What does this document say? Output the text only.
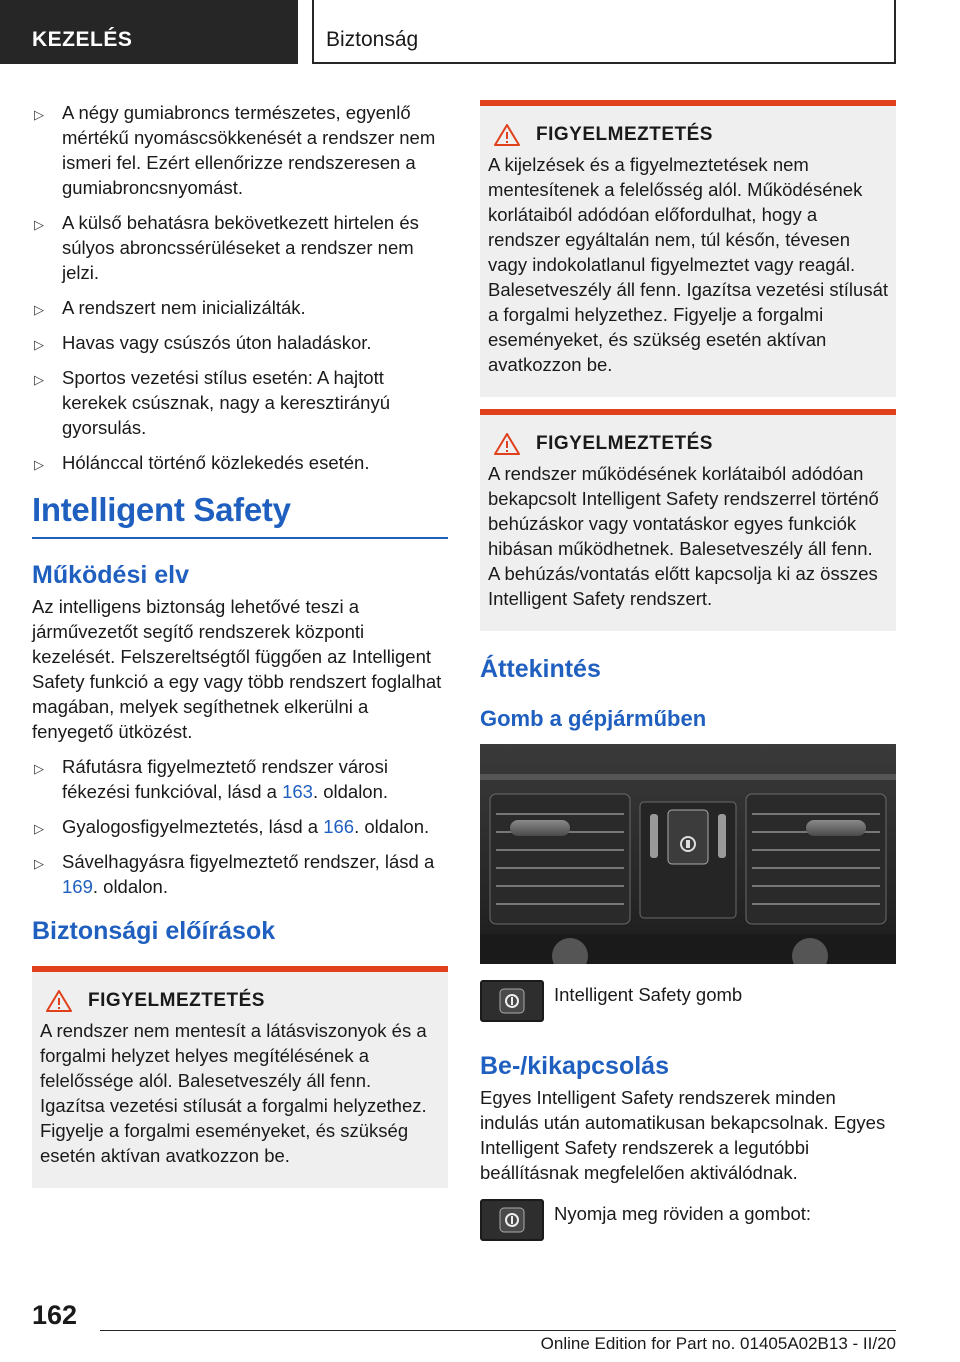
KEZELÉS	Biztonság
▷ A négy gumiabroncs természetes, egyenlő mértékű nyomáscsökkenését a rendszer nem ismeri fel. Ezért ellenőrizze rendszeresen a gumiabroncsnyomást.
▷ A külső behatásra bekövetkezett hirtelen és súlyos abroncssérüléseket a rendszer nem jelzi.
▷ A rendszert nem inicializálták.
▷ Havas vagy csúszós úton haladáskor.
▷ Sportos vezetési stílus esetén: A hajtott kerekek csúsznak, nagy a keresztirányú gyorsulás.
▷ Hólánccal történő közlekedés esetén.
Intelligent Safety
Működési elv
Az intelligens biztonság lehetővé teszi a járművezetőt segítő rendszerek központi kezelését. Felszereltségtől függően az Intelligent Safety funkció a egy vagy több rendszert foglalhat magában, melyek segíthetnek elkerülni a fenyegető ütközést.
▷ Ráfutásra figyelmeztető rendszer városi fékezési funkcióval, lásd a 163. oldalon.
▷ Gyalogosfigyelmeztetés, lásd a 166. oldalon.
▷ Sávelhagyásra figyelmeztető rendszer, lásd a 169. oldalon.
Biztonsági előírások
FIGYELMEZTETÉS
A rendszer nem mentesít a látásviszonyok és a forgalmi helyzet helyes megítélésének a felelőssége alól. Balesetveszély áll fenn. Igazítsa vezetési stílusát a forgalmi helyzethez. Figyelje a forgalmi eseményeket, és szükség esetén aktívan avatkozzon be.
FIGYELMEZTETÉS
A kijelzések és a figyelmeztetések nem mentesítenek a felelősség alól. Működésének korlátaiból adódóan előfordulhat, hogy a rendszer egyáltalán nem, túl későn, tévesen vagy indokolatlanul figyelmeztet vagy reagál. Balesetveszély áll fenn. Igazítsa vezetési stílusát a forgalmi helyzethez. Figyelje a forgalmi eseményeket, és szükség esetén aktívan avatkozzon be.
FIGYELMEZTETÉS
A rendszer működésének korlátaiból adódóan bekapcsolt Intelligent Safety rendszerrel történő behúzáskor vagy vontatáskor egyes funkciók hibásan működhetnek. Balesetveszély áll fenn. A behúzás/vontatás előtt kapcsolja ki az összes Intelligent Safety rendszert.
Áttekintés
Gomb a gépjárműben
Intelligent Safety gomb
Be-/kikapcsolás
Egyes Intelligent Safety rendszerek minden indulás után automatikusan bekapcsolnak. Egyes Intelligent Safety rendszerek a legutóbbi beállításnak megfelelően aktiválódnak.
Nyomja meg röviden a gombot:
162
Online Edition for Part no. 01405A02B13 - II/20
